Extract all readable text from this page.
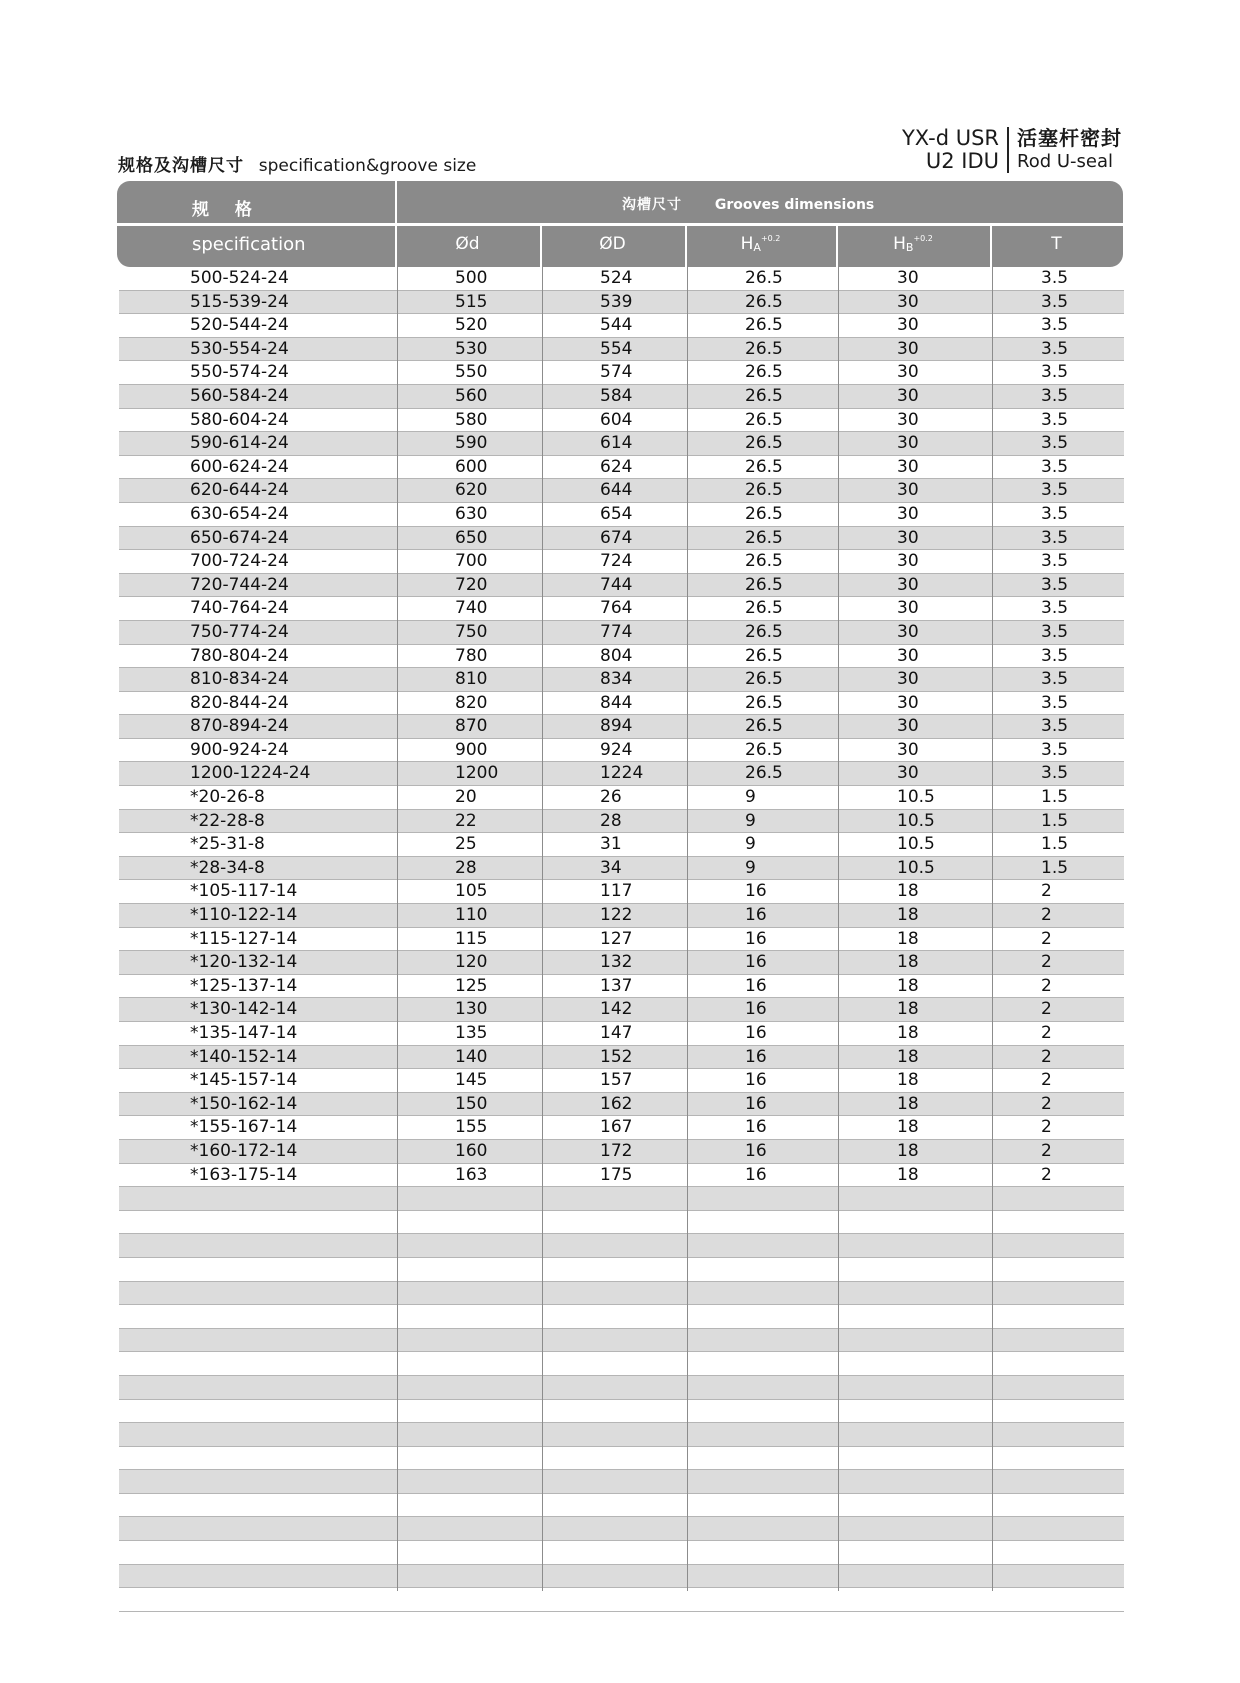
规格及沟槽尺寸 specification&groove size
YX-d USR
U2 IDU
活塞杆密封
Rod U-seal
规 格
specification
沟槽尺寸 Grooves dimensions
Ød	ØD	$H_A^{+0.2}$	$H_B^{+0.2}$	T
500-524-24	500	524	26.5	30	3.5
515-539-24	515	539	26.5	30	3.5
520-544-24	520	544	26.5	30	3.5
530-554-24	530	554	26.5	30	3.5
550-574-24	550	574	26.5	30	3.5
560-584-24	560	584	26.5	30	3.5
580-604-24	580	604	26.5	30	3.5
590-614-24	590	614	26.5	30	3.5
600-624-24	600	624	26.5	30	3.5
620-644-24	620	644	26.5	30	3.5
630-654-24	630	654	26.5	30	3.5
650-674-24	650	674	26.5	30	3.5
700-724-24	700	724	26.5	30	3.5
720-744-24	720	744	26.5	30	3.5
740-764-24	740	764	26.5	30	3.5
750-774-24	750	774	26.5	30	3.5
780-804-24	780	804	26.5	30	3.5
810-834-24	810	834	26.5	30	3.5
820-844-24	820	844	26.5	30	3.5
870-894-24	870	894	26.5	30	3.5
900-924-24	900	924	26.5	30	3.5
1200-1224-24	1200	1224	26.5	30	3.5
*20-26-8	20	26	9	10.5	1.5
*22-28-8	22	28	9	10.5	1.5
*25-31-8	25	31	9	10.5	1.5
*28-34-8	28	34	9	10.5	1.5
*105-117-14	105	117	16	18	2
*110-122-14	110	122	16	18	2
*115-127-14	115	127	16	18	2
*120-132-14	120	132	16	18	2
*125-137-14	125	137	16	18	2
*130-142-14	130	142	16	18	2
*135-147-14	135	147	16	18	2
*140-152-14	140	152	16	18	2
*145-157-14	145	157	16	18	2
*150-162-14	150	162	16	18	2
*155-167-14	155	167	16	18	2
*160-172-14	160	172	16	18	2
*163-175-14	163	175	16	18	2
